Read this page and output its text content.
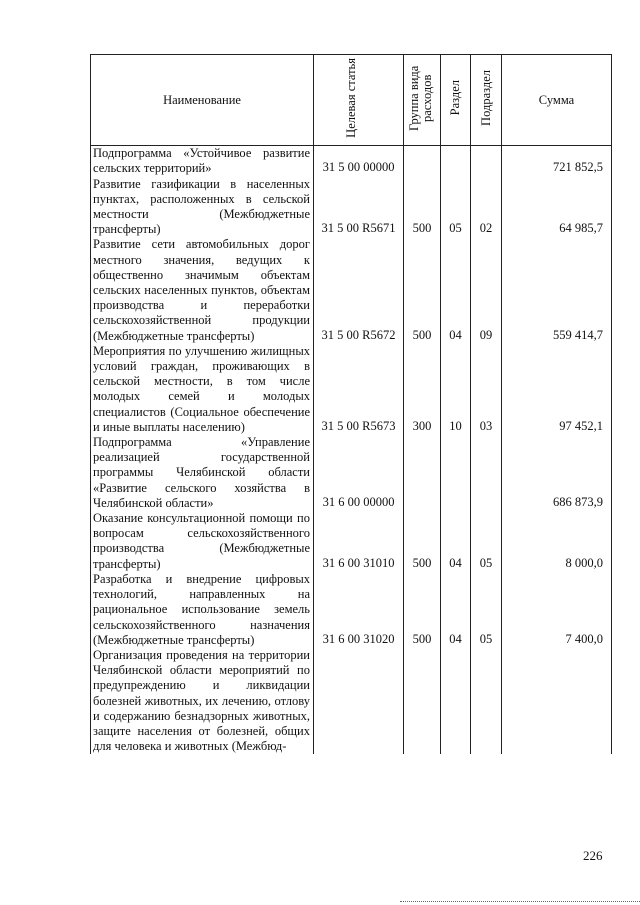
Наименование	Целевая статья	Группа вида расходов	Раздел	Подраздел	Сумма
Подпрограмма «Устойчивое развитие сельских территорий»	31 5 00 00000				721 852,5
Развитие газификации в населенных пунктах, расположенных в сельской местности (Межбюджетные трансферты)	31 5 00 R5671	500	05	02	64 985,7
Развитие сети автомобильных дорог местного значения, ведущих к общественно значимым объектам сельских населенных пунктов, объектам производства и переработки сельскохозяйственной продукции (Межбюджетные трансферты)	31 5 00 R5672	500	04	09	559 414,7
Мероприятия по улучшению жилищных условий граждан, проживающих в сельской местности, в том числе молодых семей и молодых специалистов (Социальное обеспечение и иные выплаты населению)	31 5 00 R5673	300	10	03	97 452,1
Подпрограмма «Управление реализацией государственной программы Челябинской области «Развитие сельского хозяйства в Челябинской области»	31 6 00 00000				686 873,9
Оказание консультационной помощи по вопросам сельскохозяйственного производства (Межбюджетные трансферты)	31 6 00 31010	500	04	05	8 000,0
Разработка и внедрение цифровых технологий, направленных на рациональное использование земель сельскохозяйственного назначения (Межбюджетные трансферты)	31 6 00 31020	500	04	05	7 400,0
Организация проведения на территории Челябинской области мероприятий по предупреждению и ликвидации болезней животных, их лечению, отлову и содержанию безнадзорных животных, защите населения от болезней, общих для человека и животных (Межбюд-					
226
